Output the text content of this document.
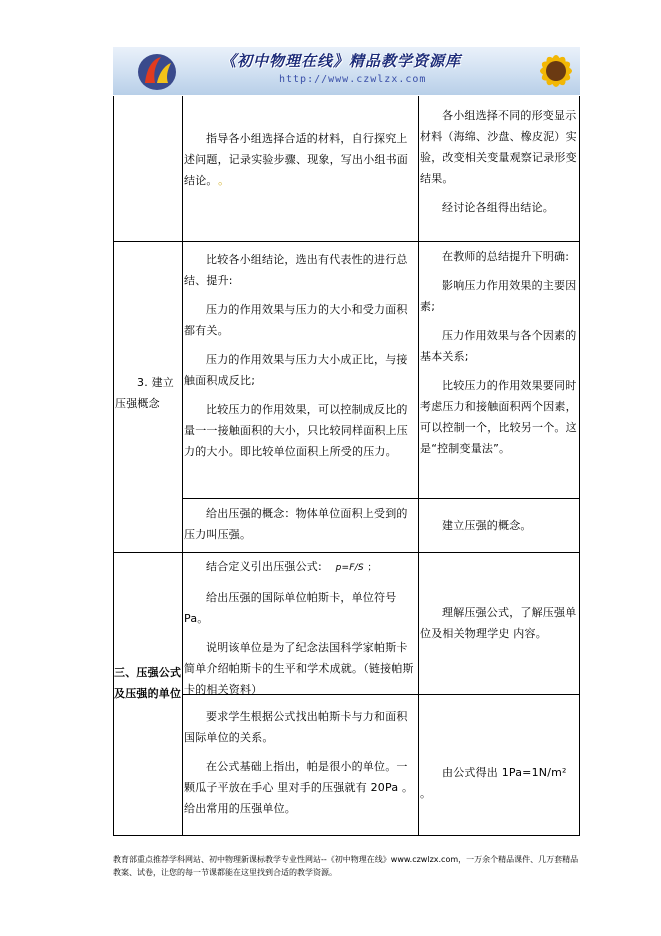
《初中物理在线》精品教学资源库
http://www.czwlzx.com

指导各小组选择合适的材料，自行探究上述问题，记录实验步骤、现象，写出小组书面结论。 。

各小组选择不同的形变显示材料（海绵、沙盘、橡皮泥）实验，改变相关变量观察记录形变结果。

经讨论各组得出结论。

3. 建立压强概念

比较各小组结论，选出有代表性的进行总结、提升:

压力的作用效果与压力的大小和受力面积都有关。

压力的作用效果与压力大小成正比，与接触面积成反比;

比较压力的作用效果，可以控制成反比的量一一接触面积的大小，只比较同样面积上压力的大小。即比较单位面积上所受的压力。

在教师的总结提升下明确:

影响压力作用效果的主要因素;

压力作用效果与各个因素的基本关系;

比较压力的作用效果要同时考虑压力和接触面积两个因素，可以控制一个，比较另一个。这是“控制变量法”。

给出压强的概念：物体单位面积上受到的压力叫压强。

建立压强的概念。

三、压强公式及压强的单位

结合定义引出压强公式: p=F/S ；

给出压强的国际单位帕斯卡，单位符号Pa。

说明该单位是为了纪念法国科学家帕斯卡简单介绍帕斯卡的生平和学术成就。（链接帕斯卡的相关资料）

理解压强公式，了解压强单位及相关物理学史 内容。

要求学生根据公式找出帕斯卡与力和面积国际单位的关系。

在公式基础上指出，帕是很小的单位。一颗瓜子平放在手心 里对手的压强就有 20Pa 。给出常用的压强单位。

由公式得出 1Pa=1N/m² 。

教育部重点推荐学科网站、初中物理新课标教学专业性网站--《初中物理在线》www.czwlzx.com，一万余个精品课件、几万套精品教案、试卷，让您的每一节课都能在这里找到合适的教学资源。
